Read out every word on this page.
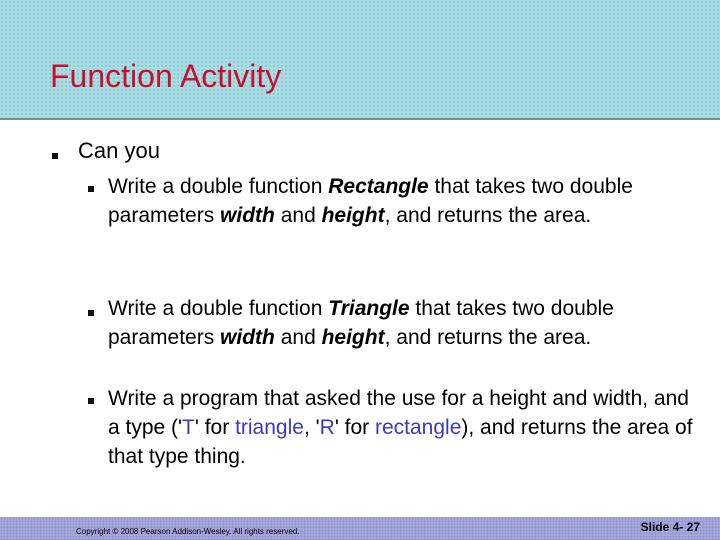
Function Activity
Can you
Write a double function Rectangle that takes two double parameters width and height, and returns the area.
Write a double function Triangle that takes two double parameters width and height, and returns the area.
Write a program that asked the use for a height and width, and a type ('T' for triangle, 'R' for rectangle), and returns the area of that type thing.
Copyright © 2008 Pearson Addison-Wesley. All rights reserved.	Slide 4- 27
